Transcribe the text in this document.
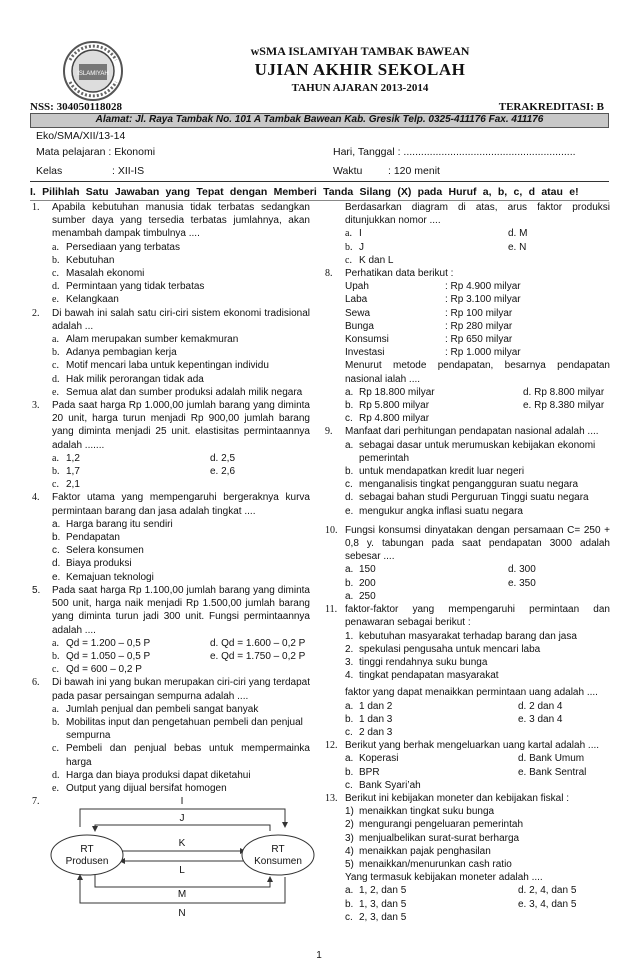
ISLAMIYAH
wSMA ISLAMIYAH TAMBAK BAWEAN
UJIAN AKHIR SEKOLAH
TAHUN AJARAN 2013-2014
NSS: 304050118028	TERAKREDITASI: B
Alamat: Jl. Raya Tambak No. 101 A Tambak Bawean Kab. Gresik Telp. 0325-411176 Fax. 411176
Eko/SMA/XII/13-14
Mata pelajaran : Ekonomi	Hari, Tanggal : ...........................................................
Kelas	: XII-IS	Waktu : 120 menit
I. Pilihlah Satu Jawaban yang Tepat dengan Memberi Tanda Silang (X) pada Huruf a, b, c, d atau e!
1. Apabila kebutuhan manusia tidak terbatas sedangkan sumber daya yang tersedia terbatas jumlahnya, akan menambah dampak timbulnya ....
a. Persediaan yang terbatas
b. Kebutuhan
c. Masalah ekonomi
d. Permintaan yang tidak terbatas
e. Kelangkaan
2. Di bawah ini salah satu ciri-ciri sistem ekonomi tradisional adalah ...
a. Alam merupakan sumber kemakmuran
b. Adanya pembagian kerja
c. Motif mencari laba untuk kepentingan individu
d. Hak milik perorangan tidak ada
e. Semua alat dan sumber produksi adalah milik negara
3. Pada saat harga Rp 1.000,00 jumlah barang yang diminta 20 unit, harga turun menjadi Rp 900,00 jumlah barang yang diminta menjadi 25 unit. elastisitas permintaannya adalah .......
a. 1,2	d. 2,5
b. 1,7	e. 2,6
c. 2,1
4. Faktor utama yang mempengaruhi bergeraknya kurva permintaan barang dan jasa adalah tingkat ....
a. Harga barang itu sendiri
b. Pendapatan
c. Selera konsumen
d. Biaya produksi
e. Kemajuan teknologi
5. Pada saat harga Rp 1.100,00 jumlah barang yang diminta 500 unit, harga naik menjadi Rp 1.500,00 jumlah barang yang diminta turun jadi 300 unit. Fungsi permintaannya adalah ....
a. Qd = 1.200 – 0,5 P	d. Qd = 1.600 – 0,2 P
b. Qd = 1.050 – 0,5 P	e. Qd = 1.750 – 0,2 P
c. Qd = 600 – 0,2 P
6. Di bawah ini yang bukan merupakan ciri-ciri yang terdapat pada pasar persaingan sempurna adalah ....
a. Jumlah penjual dan pembeli sangat banyak
b. Mobilitas input dan pengetahuan pembeli dan penjual sempurna
c. Pembeli dan penjual bebas untuk mempermainka harga
d. Harga dan biaya produksi dapat diketahui
e. Output yang dijual bersifat homogen
7.
RT
Produsen
RT
Konsumen
I
J
K
L
M
N
Berdasarkan diagram di atas, arus faktor produksi ditunjukkan nomor ....
a. I	d. M
b. J	e. N
c. K dan L
8. Perhatikan data berikut :
Upah	: Rp 4.900 milyar
Laba	: Rp 3.100 milyar
Sewa	: Rp 100 milyar
Bunga	: Rp 280 milyar
Konsumsi	: Rp 650 milyar
Investasi	: Rp 1.000 milyar
Menurut metode pendapatan, besarnya pendapatan nasional ialah ....
a. Rp 18.800 milyar	d. Rp 8.800 milyar
b. Rp 5.800 milyar	e. Rp 8.380 milyar
c. Rp 4.800 milyar
9. Manfaat dari perhitungan pendapatan nasional adalah ....
a. sebagai dasar untuk merumuskan kebijakan ekonomi pemerintah
b. untuk mendapatkan kredit luar negeri
c. menganalisis tingkat pengangguran suatu negara
d. sebagai bahan studi Perguruan Tinggi suatu negara
e. mengukur angka inflasi suatu negara
10. Fungsi konsumsi dinyatakan dengan persamaan C= 250 + 0,8 y. tabungan pada saat pendapatan 3000 adalah sebesar ....
a. 150	d. 300
b. 200	e. 350
a. 250
11. faktor-faktor yang mempengaruhi permintaan dan penawaran sebagai berikut :
1. kebutuhan masyarakat terhadap barang dan jasa
2. spekulasi pengusaha untuk mencari laba
3. tinggi rendahnya suku bunga
4. tingkat pendapatan masyarakat
faktor yang dapat menaikkan permintaan uang adalah ....
a. 1 dan 2	d. 2 dan 4
b. 1 dan 3	e. 3 dan 4
c. 2 dan 3
12. Berikut yang berhak mengeluarkan uang kartal adalah ....
a. Koperasi	d. Bank Umum
b. BPR	e. Bank Sentral
c. Bank Syari’ah
13. Berikut ini kebijakan moneter dan kebijakan fiskal :
1) menaikkan tingkat suku bunga
2) mengurangi pengeluaran pemerintah
3) menjualbelikan surat-surat berharga
4) menaikkan pajak penghasilan
5) menaikkan/menurunkan cash ratio
Yang termasuk kebijakan moneter adalah ....
a. 1, 2, dan 5	d. 2, 4, dan 5
b. 1, 3, dan 5	e. 3, 4, dan 5
c. 2, 3, dan 5
1
